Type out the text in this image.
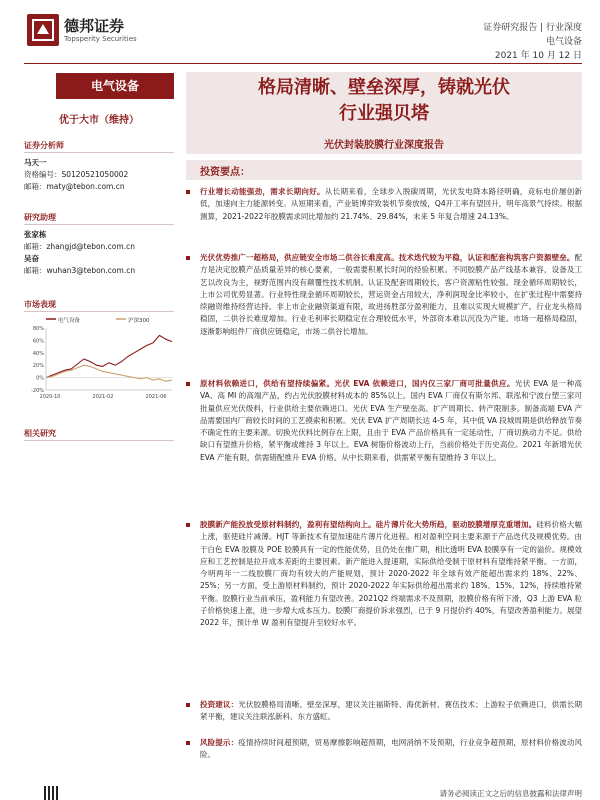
德邦证券
Topsperity Securities
证券研究报告 | 行业深度
电气设备
2021 年 10 月 12 日
电气设备	格局清晰、壁垒深厚，铸就光伏
行业强贝塔
光伏封装胶膜行业深度报告
优于大市（维持）
证券分析师
马天一
资格编号：S0120521050002
邮箱：maty@tebon.com.cn
研究助理
张家栋
邮箱：zhangjd@tebon.com.cn
吴奋
邮箱：wuhan3@tebon.com.cn
市场表现
电气设备	沪深300
80%
60%
40%
20%
0%
-20%
2020-10	2021-02	2021-06
相关研究
投资要点：
行业增长动能强劲，需求长期向好。从长期来看，全球步入脱碳周期，光伏发电降本路径明确，竞标电价屡创新低，加速向主力能源转变。从短期来看，产业链博弈致装机节奏放缓，Q4开工率有望回升，明年高景气持续。根据测算，2021-2022年胶膜需求同比增加约 21.74%、29.84%，未来 5 年复合增速 24.13%。
光伏优势推广一超格局，供应链安全市场二供谷长难度高。技术迭代较为平稳，认证和配套构筑客户资源壁垒。配方是决定胶膜产品质量差异的核心要素，一般需要积累长时间的经验积累。不同胶膜产品产线基本兼容，设备及工艺以改良为主，视野范围内没有颠覆性技术机制。认证及配套周期较长，客户资源粘性较强。现金循环周期较长，上市公司优势显著。行业特性现金循环周期较长，营运资金占用较大，净利润现金比率较小，在扩张过程中需要持续融资维持经营达持。非上市企业融资渠道有限，故进扬胜部分盈利能力，且难以实现大规模扩产。行业龙头格局稳固，二供谷长难度增加。行业毛利率长期稳定在合理较低水平，外部资本难以沉没为产能。市场一超格局稳固，逐渐影响组件厂商供应链稳定，市场二供谷长增加。
原材料依赖进口，供给有望持续偏紧。光伏 EVA 依赖进口，国内仅三家厂商可批量供应。光伏 EVA 是一种高 VA、高 MI 的高端产品，约占光伏胶膜材料成本的 85%以上。国内 EVA 厂商仅有斯尔邦、联泓和宁波台塑三家可批量供应光伏级料，行业供给主要依赖进口。光伏 EVA 生产壁垒高、扩产周期长、转产限制多。制备高端 EVA 产品需要国内厂商较长时间的工艺摸索和积累。光伏 EVA 扩产周期长达 4-5 年，其中低 VA 段城周期是供给释放节奏不确定性的主要来源。切换光伏料比例存在上限，且由于 EVA 产品价格具有一定延动性，厂商切换动力不足。供给缺口有望推升价格，紧平衡或维持 3 年以上。EVA 树脂价格波动上行，当前价格处于历史高位。2021 年新增光伏 EVA 产能有限，供需错配推升 EVA 价格。从中长期来看，供需紧平衡有望维持 3 年以上。
胶膜新产能投放受原材料制约，盈利有望结构向上。硅片薄片化大势所趋，驱动胶膜增厚克重增加。硅料价格大幅上涨，驱使硅片减薄。HJT 等新技术有望加速硅片薄片化进程。相对盈利空间主要来源于产品迭代及规模优势。由于白色 EVA 胶膜及 POE 胶膜具有一定的性能优势，且仍处在推广期，相比透明 EVA 胶膜享有一定的溢价。规模效应和工艺控制是拉开成本差距的主要因素。新产能进入提速期，实际供给受制于原材料有望维持紧平衡。一方面，今明两年一二线胶膜厂商均有较大的产能规划，预计 2020-2022 年全球有效产能超出需求约 18%、22%、25%；另一方面，受上游原材料制约，预计 2020-2022 年实际供给超出需求约 18%、15%、12%，持续维持紧平衡。胶膜行业当前承压，盈利能力有望改善。2021Q2 终端需求不及预期，胶膜价格有所下滑，Q3 上游 EVA 粒子价格快速上涨，进一步增大成本压力。胶膜厂商提价诉求强烈，已于 9 月提价约 40%，有望改善盈利能力。展望 2022 年，预计单 W 盈利有望提升至较好水平。
投资建议：光伏胶膜格局清晰、壁垒深厚，建议关注福斯特、海优新材、赛伍技术；上游粒子依赖进口，供需长期紧平衡，建议关注联泓新科、东方盛虹。
风险提示：疫情持续时间超预期，贸易摩擦影响超预期，电网消纳不及预期，行业竞争超预期，原材料价格波动风险。
请务必阅读正文之后的信息披露和法律声明
